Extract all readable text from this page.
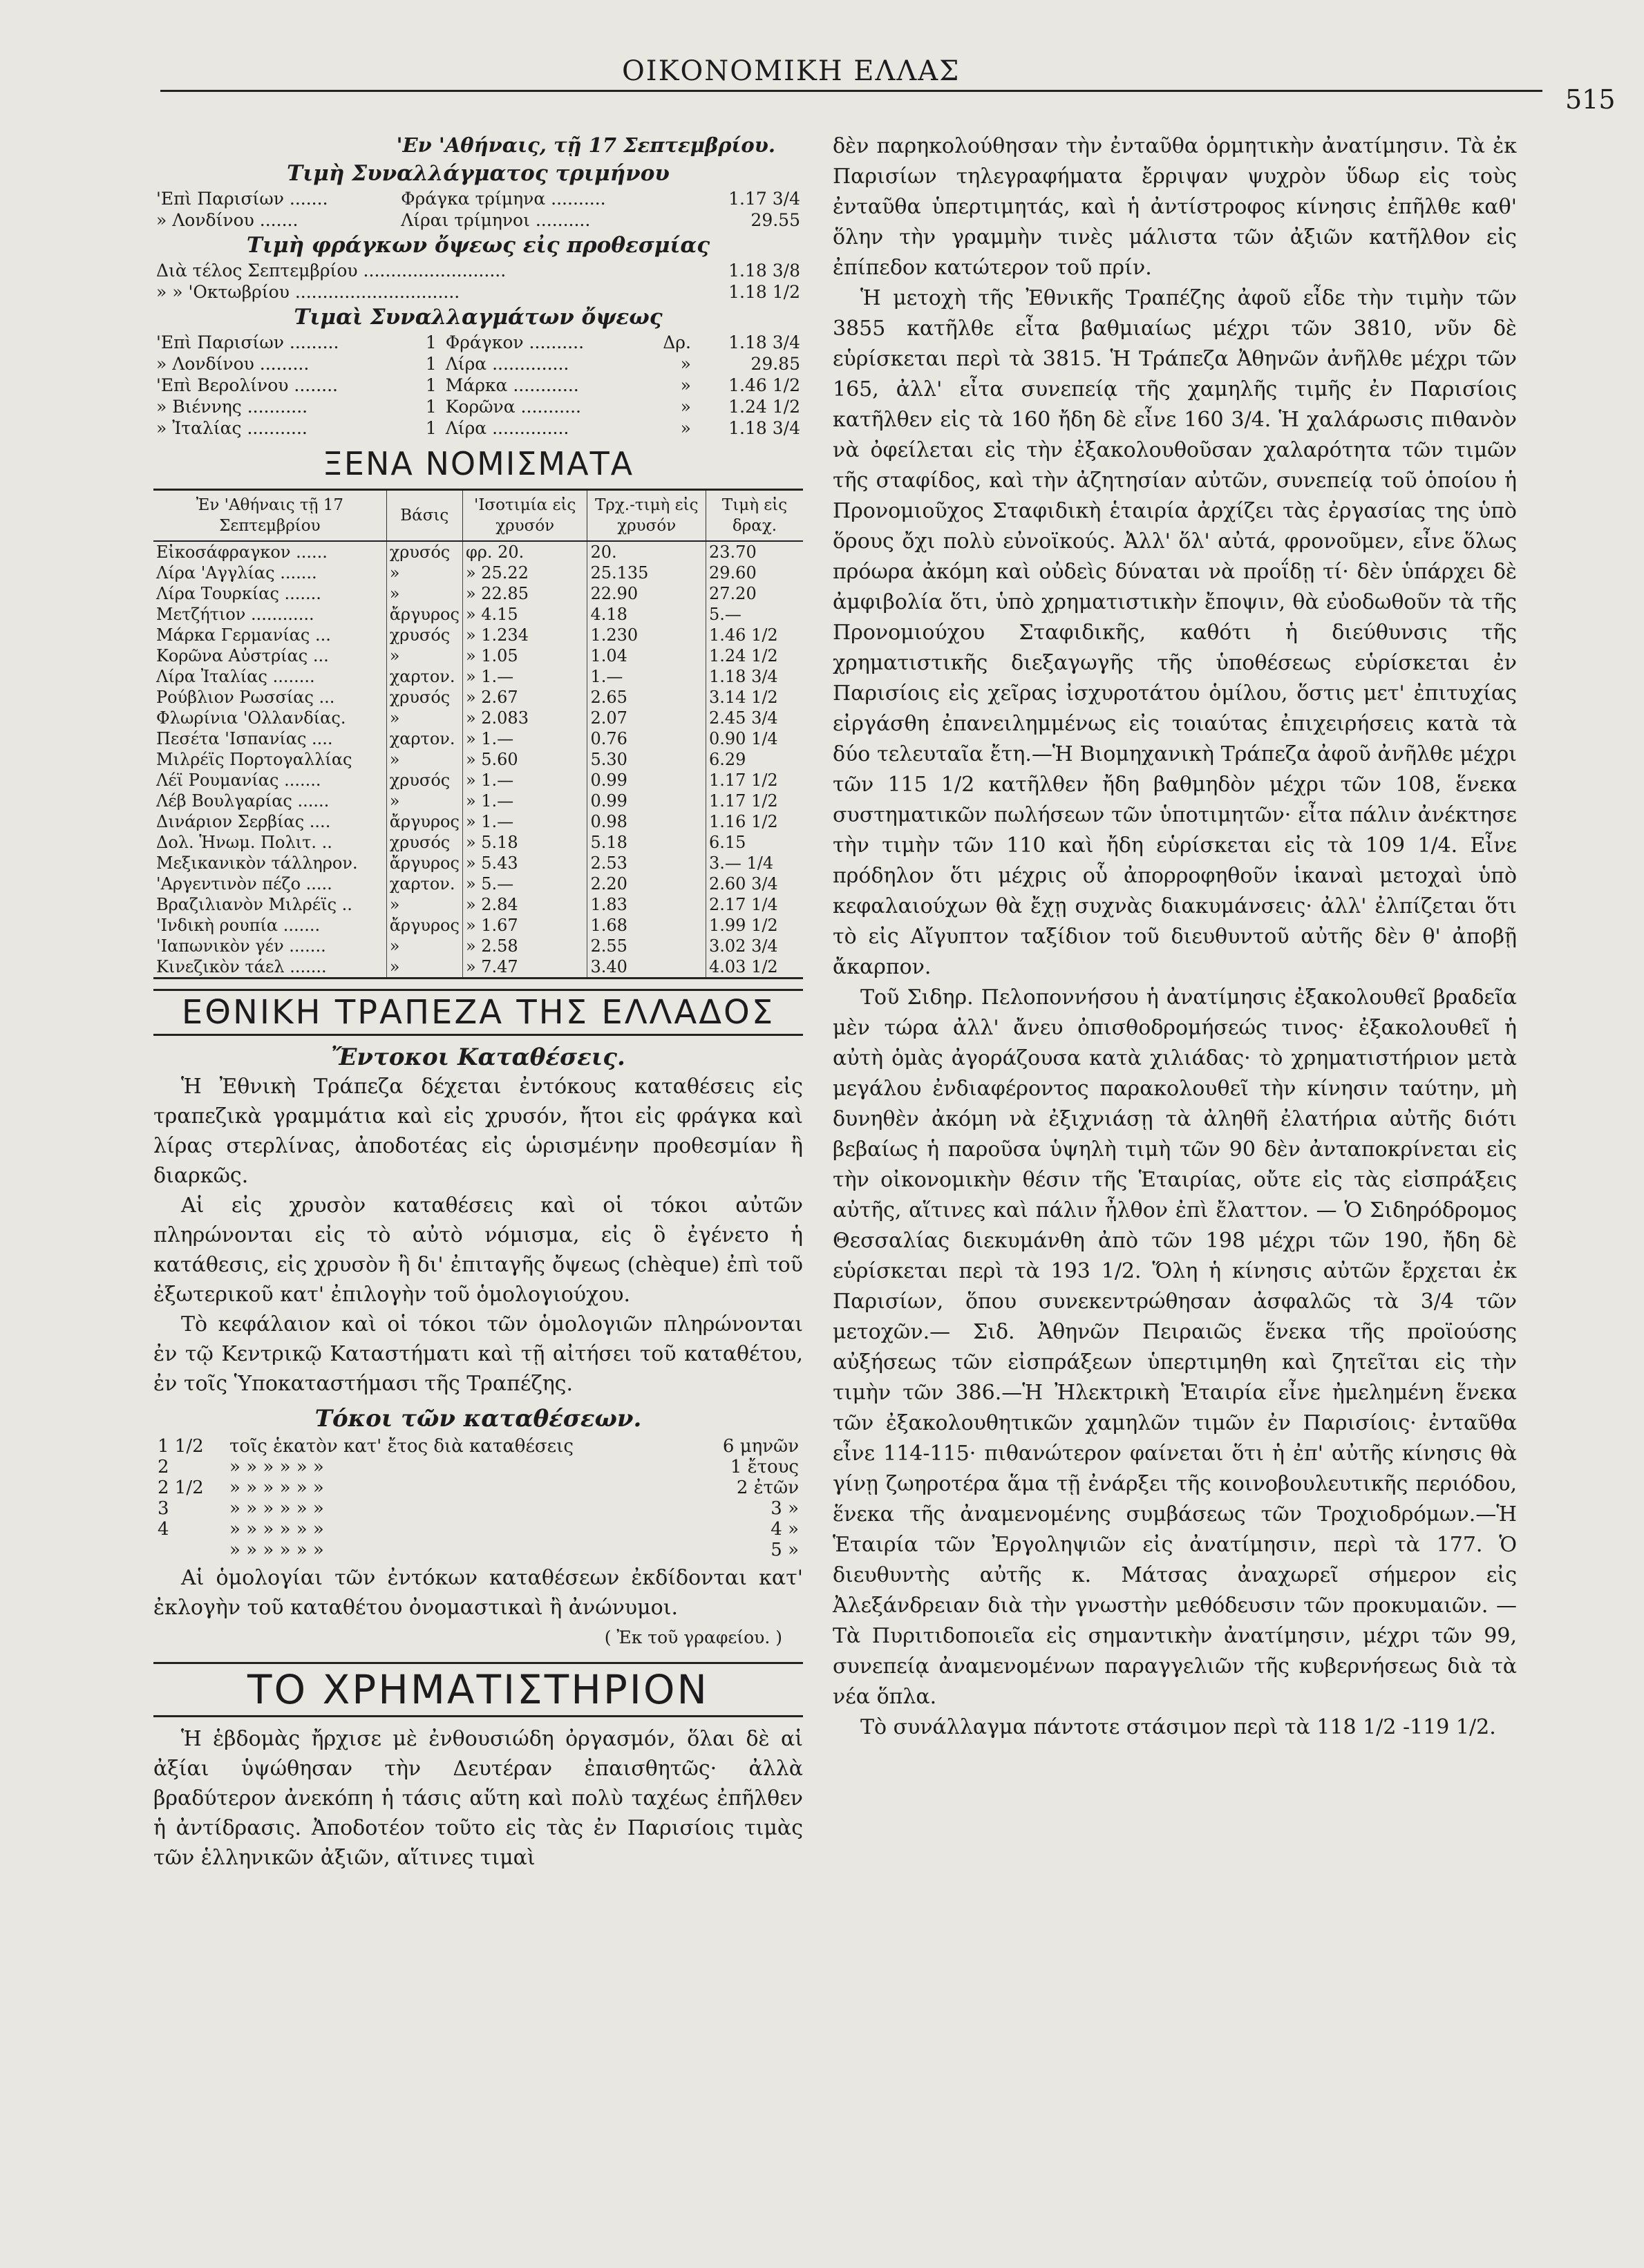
ΟΙΚΟΝΟΜΙΚΗ ΕΛΛΑΣ
515
'Εν 'Αθήναις, τῇ 17 Σεπτεμβρίου.
Τιμὴ Συναλλάγματος τριμήνου
'Επὶ Παρισίων .......	Φράγκα τρίμηνα ..........		1.17 3/4
» Λονδίνου .......	Λίραι τρίμηνοι ..........		29.55
Τιμὴ φράγκων ὄψεως εἰς προθεσμίας
Διὰ τέλος Σεπτεμβρίου ..........................	1.18 3/8
» » 'Οκτωβρίου ..............................	1.18 1/2
Τιμαὶ Συναλλαγμάτων ὄψεως
'Επὶ Παρισίων .........	1	Φράγκον ..........	Δρ.	1.18 3/4
» Λονδίνου .........	1	Λίρα ..............	»	29.85
'Επὶ Βερολίνου ........	1	Μάρκα ............	»	1.46 1/2
» Βιέννης ...........	1	Κορῶνα ...........	»	1.24 1/2
» Ἰταλίας ...........	1	Λίρα ..............	»	1.18 3/4
ΞΕΝΑ ΝΟΜΙΣΜΑΤΑ
Ἐν 'Αθήναις τῇ 17 Σεπτεμβρίου	Βάσις	'Ισοτιμία εἰς χρυσόν	Τρχ.-τιμὴ εἰς χρυσόν	Τιμὴ εἰς δραχ.
Εἰκοσάφραγκον ......	χρυσός	φρ. 20.	20.	23.70
Λίρα 'Αγγλίας .......	»	» 25.22	25.135	29.60
Λίρα Τουρκίας .......	»	» 22.85	22.90	27.20
Μετζήτιον ............	ἄργυρος	» 4.15	4.18	5.—
Μάρκα Γερμανίας ...	χρυσός	» 1.234	1.230	1.46 1/2
Κορῶνα Αὐστρίας ...	»	» 1.05	1.04	1.24 1/2
Λίρα Ἰταλίας ........	χαρτον.	» 1.—	1.—	1.18 3/4
Ρούβλιον Ρωσσίας ...	χρυσός	» 2.67	2.65	3.14 1/2
Φλωρίνια 'Ολλανδίας.	»	» 2.083	2.07	2.45 3/4
Πεσέτα 'Ισπανίας ....	χαρτον.	» 1.—	0.76	0.90 1/4
Μιλρέϊς Πορτογαλλίας	»	» 5.60	5.30	6.29
Λέϊ Ρουμανίας .......	χρυσός	» 1.—	0.99	1.17 1/2
Λέβ Βουλγαρίας ......	»	» 1.—	0.99	1.17 1/2
Δινάριον Σερβίας ....	ἄργυρος	» 1.—	0.98	1.16 1/2
Δολ. Ἡνωμ. Πολιτ. ..	χρυσός	» 5.18	5.18	6.15
Μεξικανικὸν τάλληρον.	ἄργυρος	» 5.43	2.53	3.— 1/4
'Αργεντινὸν πέζο .....	χαρτον.	» 5.—	2.20	2.60 3/4
Βραζιλιανὸν Μιλρέϊς ..	»	» 2.84	1.83	2.17 1/4
'Ινδικὴ ρουπία .......	ἄργυρος	» 1.67	1.68	1.99 1/2
'Ιαπωνικὸν γέν .......	»	» 2.58	2.55	3.02 3/4
Κινεζικὸν τάελ .......	»	» 7.47	3.40	4.03 1/2
ΕΘΝΙΚΗ ΤΡΑΠΕΖΑ ΤΗΣ ΕΛΛΑΔΟΣ
Ἔντοκοι Καταθέσεις.

Ἡ Ἐθνικὴ Τράπεζα δέχεται ἐντόκους καταθέσεις εἰς τραπεζικὰ γραμμάτια καὶ εἰς χρυσόν, ἤτοι εἰς φράγκα καὶ λίρας στερλίνας, ἀποδοτέας εἰς ὡρισμένην προθεσμίαν ἢ διαρκῶς.

Αἱ εἰς χρυσὸν καταθέσεις καὶ οἱ τόκοι αὐτῶν πληρώνονται εἰς τὸ αὐτὸ νόμισμα, εἰς ὃ ἐγένετο ἡ κατάθεσις, εἰς χρυσὸν ἢ δι' ἐπιταγῆς ὄψεως (chèque) ἐπὶ τοῦ ἐξωτερικοῦ κατ' ἐπιλογὴν τοῦ ὁμολογιούχου.

Τὸ κεφάλαιον καὶ οἱ τόκοι τῶν ὁμολογιῶν πληρώνονται ἐν τῷ Κεντρικῷ Καταστήματι καὶ τῇ αἰτήσει τοῦ καταθέτου, ἐν τοῖς Ὑποκαταστήμασι τῆς Τραπέζης.

Τόκοι τῶν καταθέσεων.
1 1/2	τοῖς ἑκατὸν κατ' ἔτος διὰ καταθέσεις	6 μηνῶν
2	» » » » » »	1 ἔτους
2 1/2	» » » » » »	2 ἐτῶν
3	» » » » » »	3 »
4	» » » » » »	4 »
	» » » » » »	5 »

Αἱ ὁμολογίαι τῶν ἐντόκων καταθέσεων ἐκδίδονται κατ' ἐκλογὴν τοῦ καταθέτου ὀνομαστικαὶ ἢ ἀνώνυμοι.

( Ἐκ τοῦ γραφείου. )
ΤΟ ΧΡΗΜΑΤΙΣΤΗΡΙΟΝ

Ἡ ἑβδομὰς ἤρχισε μὲ ἐνθουσιώδη ὀργασμόν, ὅλαι δὲ αἱ ἀξίαι ὑψώθησαν τὴν Δευτέραν ἐπαισθητῶς· ἀλλὰ βραδύτερον ἀνεκόπη ἡ τάσις αὕτη καὶ πολὺ ταχέως ἐπῆλθεν ἡ ἀντίδρασις. Ἀποδοτέον τοῦτο εἰς τὰς ἐν Παρισίοις τιμὰς τῶν ἑλληνικῶν ἀξιῶν, αἵτινες τιμαὶ

δὲν παρηκολούθησαν τὴν ἐνταῦθα ὁρμητικὴν ἀνατίμησιν. Τὰ ἐκ Παρισίων τηλεγραφήματα ἔρριψαν ψυχρὸν ὕδωρ εἰς τοὺς ἐνταῦθα ὑπερτιμητάς, καὶ ἡ ἀντίστροφος κίνησις ἐπῆλθε καθ' ὅλην τὴν γραμμὴν τινὲς μάλιστα τῶν ἀξιῶν κατῆλθον εἰς ἐπίπεδον κατώτερον τοῦ πρίν.

Ἡ μετοχὴ τῆς Ἐθνικῆς Τραπέζης ἀφοῦ εἶδε τὴν τιμὴν τῶν 3855 κατῆλθε εἶτα βαθμιαίως μέχρι τῶν 3810, νῦν δὲ εὑρίσκεται περὶ τὰ 3815. Ἡ Τράπεζα Ἀθηνῶν ἀνῆλθε μέχρι τῶν 165, ἀλλ' εἶτα συνεπείᾳ τῆς χαμηλῆς τιμῆς ἐν Παρισίοις κατῆλθεν εἰς τὰ 160 ἤδη δὲ εἶνε 160 3/4. Ἡ χαλάρωσις πιθανὸν νὰ ὀφείλεται εἰς τὴν ἐξακολουθοῦσαν χαλαρότητα τῶν τιμῶν τῆς σταφίδος, καὶ τὴν ἀζητησίαν αὐτῶν, συνεπείᾳ τοῦ ὁποίου ἡ Προνομιοῦχος Σταφιδικὴ ἑταιρία ἀρχίζει τὰς ἐργασίας της ὑπὸ ὅρους ὄχι πολὺ εὐνοϊκούς. Ἀλλ' ὅλ' αὐτά, φρονοῦμεν, εἶνε ὅλως πρόωρα ἀκόμη καὶ οὐδεὶς δύναται νὰ προΐδῃ τί· δὲν ὑπάρχει δὲ ἀμφιβολία ὅτι, ὑπὸ χρηματιστικὴν ἔποψιν, θὰ εὐοδωθοῦν τὰ τῆς Προνομιούχου Σταφιδικῆς, καθότι ἡ διεύθυνσις τῆς χρηματιστικῆς διεξαγωγῆς τῆς ὑποθέσεως εὑρίσκεται ἐν Παρισίοις εἰς χεῖρας ἰσχυροτάτου ὁμίλου, ὅστις μετ' ἐπιτυχίας εἰργάσθη ἐπανειλημμένως εἰς τοιαύτας ἐπιχειρήσεις κατὰ τὰ δύο τελευταῖα ἔτη.—Ἡ Βιομηχανικὴ Τράπεζα ἀφοῦ ἀνῆλθε μέχρι τῶν 115 1/2 κατῆλθεν ἤδη βαθμηδὸν μέχρι τῶν 108, ἕνεκα συστηματικῶν πωλήσεων τῶν ὑποτιμητῶν· εἶτα πάλιν ἀνέκτησε τὴν τιμὴν τῶν 110 καὶ ἤδη εὑρίσκεται εἰς τὰ 109 1/4. Εἶνε πρόδηλον ὅτι μέχρις οὗ ἀπορροφηθοῦν ἱκαναὶ μετοχαὶ ὑπὸ κεφαλαιούχων θὰ ἔχῃ συχνὰς διακυμάνσεις· ἀλλ' ἐλπίζεται ὅτι τὸ εἰς Αἴγυπτον ταξίδιον τοῦ διευθυντοῦ αὐτῆς δὲν θ' ἀποβῇ ἄκαρπον.

Τοῦ Σιδηρ. Πελοποννήσου ἡ ἀνατίμησις ἐξακολουθεῖ βραδεῖα μὲν τώρα ἀλλ' ἄνευ ὀπισθοδρομήσεώς τινος· ἐξακολουθεῖ ἡ αὐτὴ ὁμὰς ἀγοράζουσα κατὰ χιλιάδας· τὸ χρηματιστήριον μετὰ μεγάλου ἐνδιαφέροντος παρακολουθεῖ τὴν κίνησιν ταύτην, μὴ δυνηθὲν ἀκόμη νὰ ἐξιχνιάσῃ τὰ ἀληθῆ ἐλατήρια αὐτῆς διότι βεβαίως ἡ παροῦσα ὑψηλὴ τιμὴ τῶν 90 δὲν ἀνταποκρίνεται εἰς τὴν οἰκονομικὴν θέσιν τῆς Ἑταιρίας, οὔτε εἰς τὰς εἰσπράξεις αὐτῆς, αἵτινες καὶ πάλιν ἦλθον ἐπὶ ἔλαττον. — Ὁ Σιδηρόδρομος Θεσσαλίας διεκυμάνθη ἀπὸ τῶν 198 μέχρι τῶν 190, ἤδη δὲ εὑρίσκεται περὶ τὰ 193 1/2. Ὅλη ἡ κίνησις αὐτῶν ἔρχεται ἐκ Παρισίων, ὅπου συνεκεντρώθησαν ἀσφαλῶς τὰ 3/4 τῶν μετοχῶν.— Σιδ. Ἀθηνῶν Πειραιῶς ἕνεκα τῆς προϊούσης αὐξήσεως τῶν εἰσπράξεων ὑπερτιμηθη καὶ ζητεῖται εἰς τὴν τιμὴν τῶν 386.—Ἡ Ἠλεκτρικὴ Ἑταιρία εἶνε ἠμελημένη ἕνεκα τῶν ἐξακολουθητικῶν χαμηλῶν τιμῶν ἐν Παρισίοις· ἐνταῦθα εἶνε 114-115· πιθανώτερον φαίνεται ὅτι ἡ ἐπ' αὐτῆς κίνησις θὰ γίνῃ ζωηροτέρα ἅμα τῇ ἐνάρξει τῆς κοινοβουλευτικῆς περιόδου, ἕνεκα τῆς ἀναμενομένης συμβάσεως τῶν Τροχιοδρόμων.—Ἡ Ἑταιρία τῶν Ἐργοληψιῶν εἰς ἀνατίμησιν, περὶ τὰ 177. Ὁ διευθυντὴς αὐτῆς κ. Μάτσας ἀναχωρεῖ σήμερον εἰς Ἀλεξάνδρειαν διὰ τὴν γνωστὴν μεθόδευσιν τῶν προκυμαιῶν. —Τὰ Πυριτιδοποιεῖα εἰς σημαντικὴν ἀνατίμησιν, μέχρι τῶν 99, συνεπείᾳ ἀναμενομένων παραγγελιῶν τῆς κυβερνήσεως διὰ τὰ νέα ὅπλα.

Τὸ συνάλλαγμα πάντοτε στάσιμον περὶ τὰ 118 1/2 -119 1/2.
